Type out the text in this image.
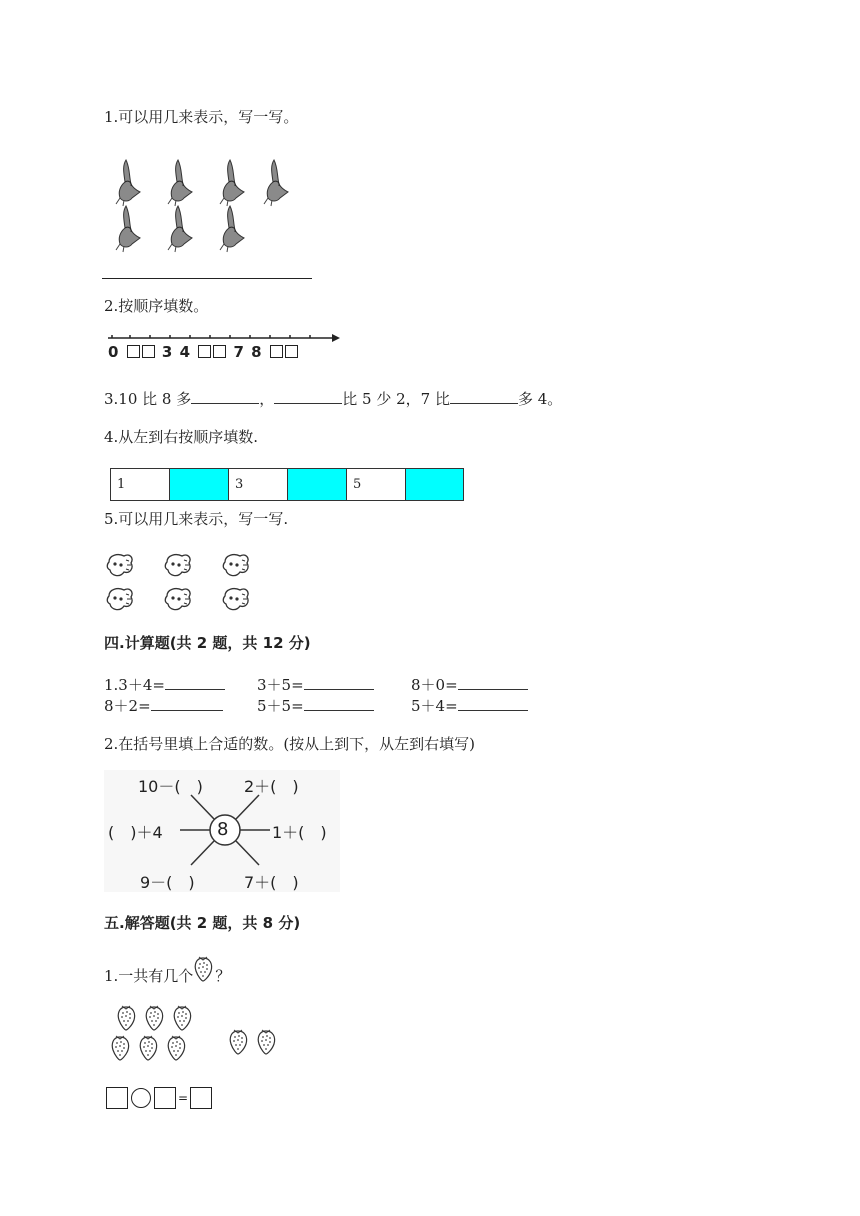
1.可以用几来表示，写一写。
2.按顺序填数。
0	3 4	7 8
3.10 比 8 多	，	比 5 少 2，7 比	多 4。
4.从左到右按顺序填数.
1	3	5
5.可以用几来表示，写一写.
四.计算题(共 2 题，共 12 分)
1.3＋4=	3＋5=	8＋0=
8＋2=	5＋5=	5＋4=
2.在括号里填上合适的数。(按从上到下，从左到右填写)
8
10－(　)	2＋(　)
(　)＋4	1＋(　)
9－(　)	7＋(　)
五.解答题(共 2 题，共 8 分)
1.一共有几个 ？
=
